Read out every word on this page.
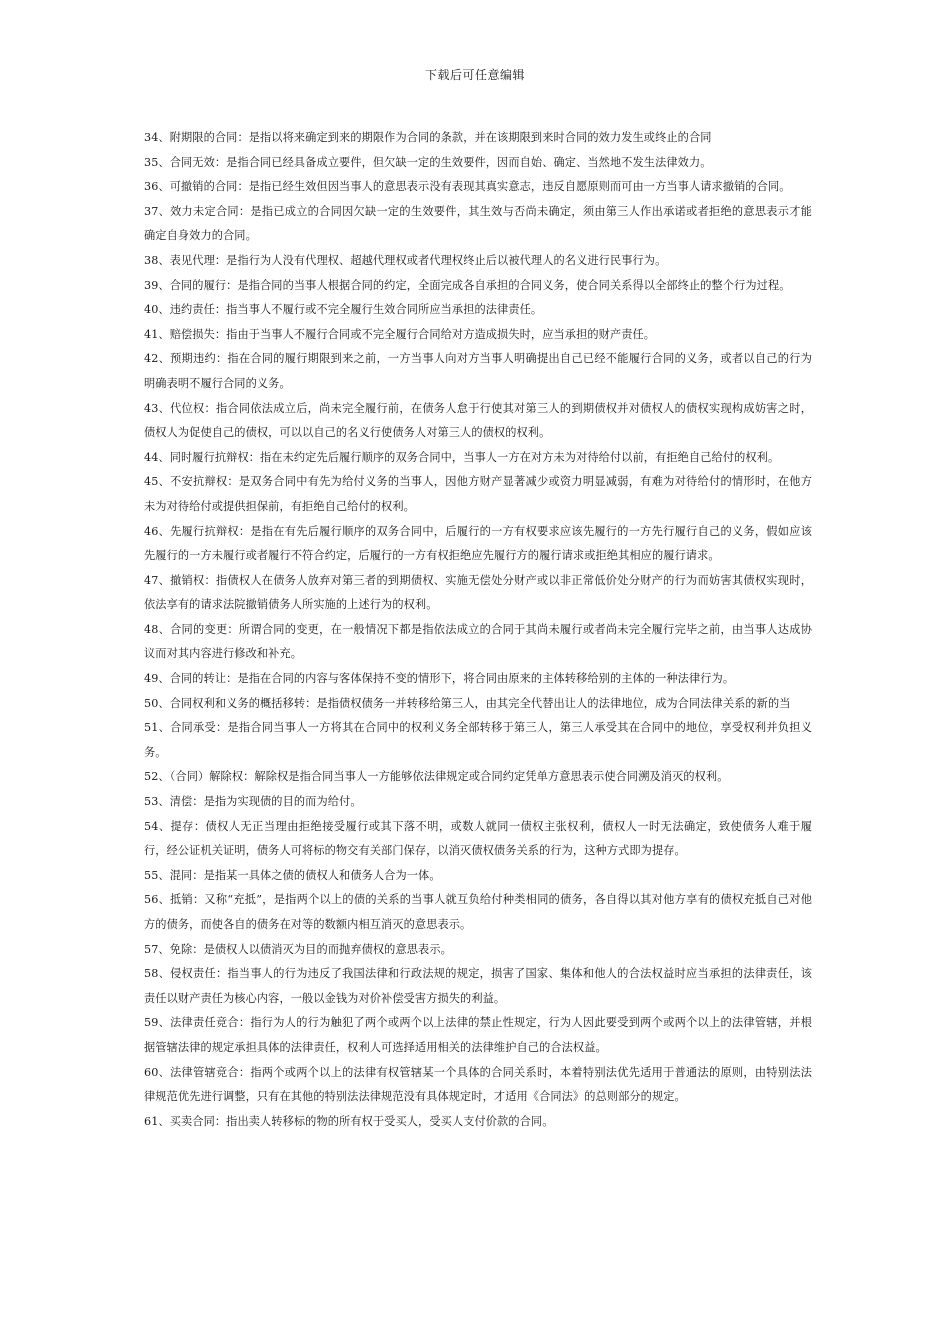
下载后可任意编辑

34、附期限的合同：是指以将来确定到来的期限作为合同的条款，并在该期限到来时合同的效力发生或终止的合同

35、合同无效：是指合同已经具备成立要件，但欠缺一定的生效要件，因而自始、确定、当然地不发生法律效力。

36、可撤销的合同：是指已经生效但因当事人的意思表示没有表现其真实意志，违反自愿原则而可由一方当事人请求撤销的合同。

37、效力未定合同：是指已成立的合同因欠缺一定的生效要件，其生效与否尚未确定，须由第三人作出承诺或者拒绝的意思表示才能确定自身效力的合同。

38、表见代理：是指行为人没有代理权、超越代理权或者代理权终止后以被代理人的名义进行民事行为。

39、合同的履行：是指合同的当事人根据合同的约定，全面完成各自承担的合同义务，使合同关系得以全部终止的整个行为过程。

40、违约责任：指当事人不履行或不完全履行生效合同所应当承担的法律责任。

41、赔偿损失：指由于当事人不履行合同或不完全履行合同给对方造成损失时，应当承担的财产责任。

42、预期违约：指在合同的履行期限到来之前，一方当事人向对方当事人明确提出自己已经不能履行合同的义务，或者以自己的行为明确表明不履行合同的义务。

43、代位权：指合同依法成立后，尚未完全履行前，在债务人怠于行使其对第三人的到期债权并对债权人的债权实现构成妨害之时，债权人为促使自己的债权，可以以自己的名义行使债务人对第三人的债权的权利。

44、同时履行抗辩权：指在未约定先后履行顺序的双务合同中，当事人一方在对方未为对待给付以前，有拒绝自己给付的权利。

45、不安抗辩权：是双务合同中有先为给付义务的当事人，因他方财产显著减少或资力明显减弱，有难为对待给付的情形时，在他方未为对待给付或提供担保前，有拒绝自己给付的权利。

46、先履行抗辩权：是指在有先后履行顺序的双务合同中，后履行的一方有权要求应该先履行的一方先行履行自己的义务，假如应该先履行的一方未履行或者履行不符合约定，后履行的一方有权拒绝应先履行方的履行请求或拒绝其相应的履行请求。

47、撤销权：指债权人在债务人放弃对第三者的到期债权、实施无偿处分财产或以非正常低价处分财产的行为而妨害其债权实现时，依法享有的请求法院撤销债务人所实施的上述行为的权利。

48、合同的变更：所谓合同的变更，在一般情况下都是指依法成立的合同于其尚未履行或者尚未完全履行完毕之前，由当事人达成协议而对其内容进行修改和补充。

49、合同的转让：是指在合同的内容与客体保持不变的情形下，将合同由原来的主体转移给别的主体的一种法律行为。

50、合同权利和义务的概括移转：是指债权债务一并转移给第三人，由其完全代替出让人的法律地位，成为合同法律关系的新的当

51、合同承受：是指合同当事人一方将其在合同中的权利义务全部转移于第三人，第三人承受其在合同中的地位，享受权利并负担义务。

52、（合同）解除权：解除权是指合同当事人一方能够依法律规定或合同约定凭单方意思表示使合同溯及消灭的权利。

53、清偿：是指为实现债的目的而为给付。

54、提存：债权人无正当理由拒绝接受履行或其下落不明，或数人就同一债权主张权利，债权人一时无法确定，致使债务人难于履行，经公证机关证明，债务人可将标的物交有关部门保存，以消灭债权债务关系的行为，这种方式即为提存。

55、混同：是指某一具体之债的债权人和债务人合为一体。

56、抵销：又称“充抵”，是指两个以上的债的关系的当事人就互负给付种类相同的债务，各自得以其对他方享有的债权充抵自己对他方的债务，而使各自的债务在对等的数额内相互消灭的意思表示。

57、免除：是债权人以债消灭为目的而抛弃债权的意思表示。

58、侵权责任：指当事人的行为违反了我国法律和行政法规的规定，损害了国家、集体和他人的合法权益时应当承担的法律责任，该责任以财产责任为核心内容，一般以金钱为对价补偿受害方损失的利益。

59、法律责任竞合：指行为人的行为触犯了两个或两个以上法律的禁止性规定，行为人因此要受到两个或两个以上的法律管辖，并根据管辖法律的规定承担具体的法律责任，权利人可选择适用相关的法律维护自己的合法权益。

60、法律管辖竞合：指两个或两个以上的法律有权管辖某一个具体的合同关系时，本着特别法优先适用于普通法的原则，由特别法法律规范优先进行调整，只有在其他的特别法法律规范没有具体规定时，才适用《合同法》的总则部分的规定。

61、买卖合同：指出卖人转移标的物的所有权于受买人，受买人支付价款的合同。
